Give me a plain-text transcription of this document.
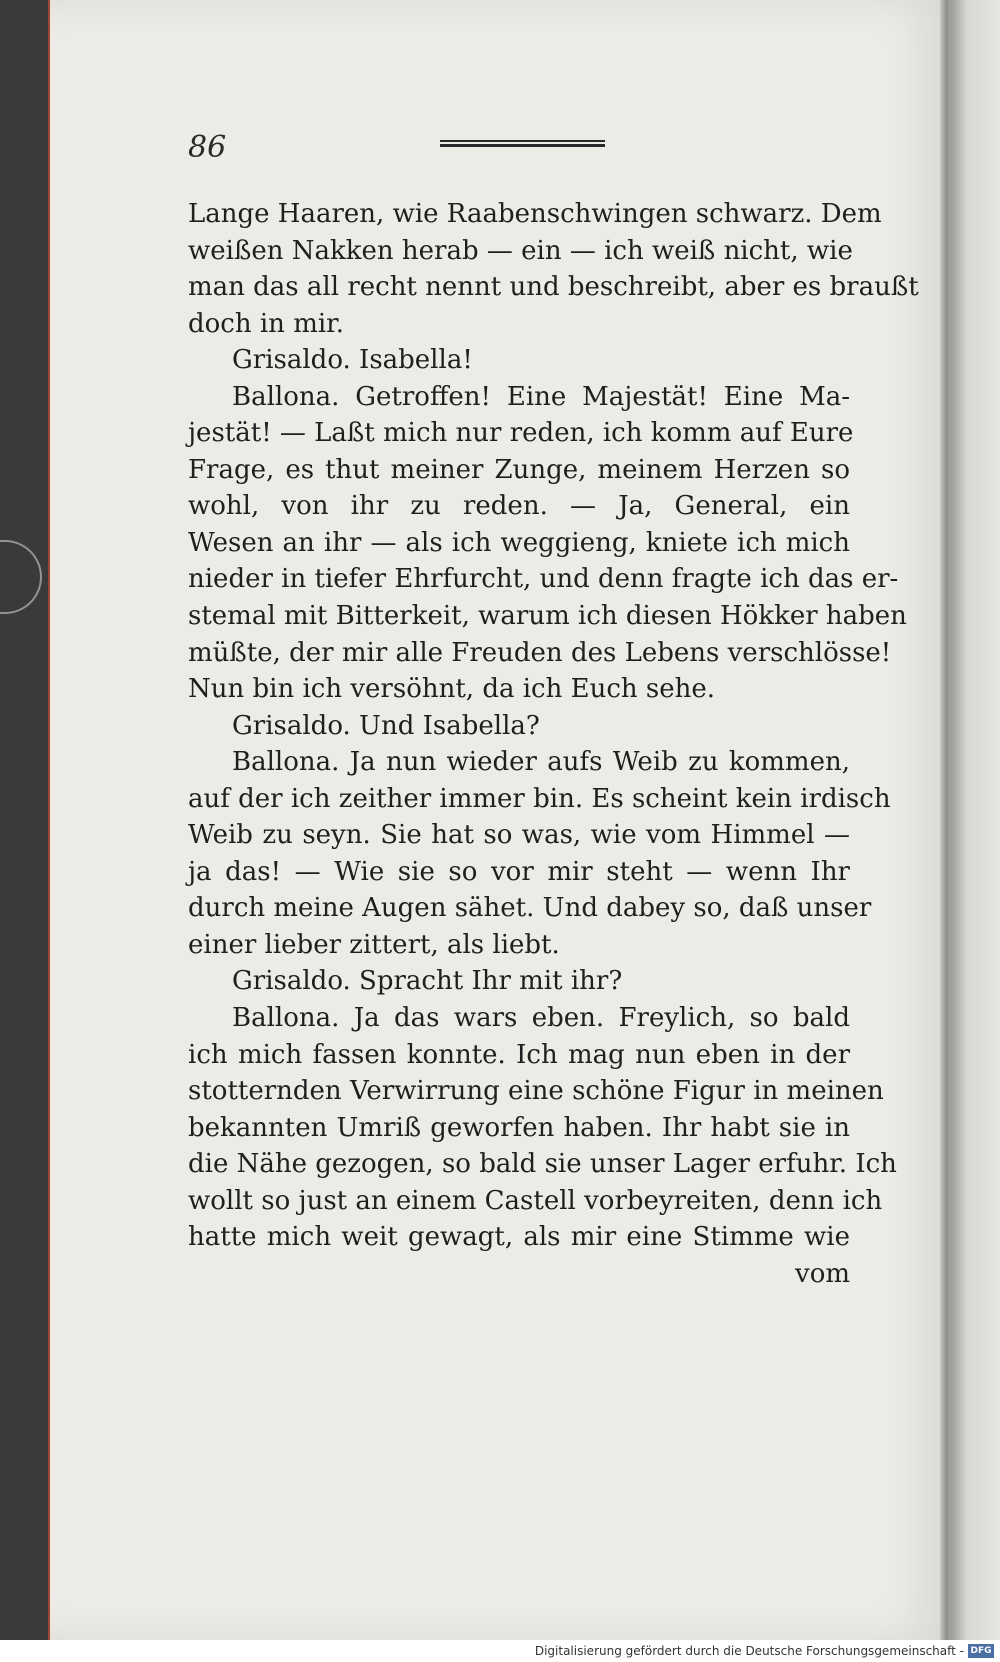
86
Lange Haaren, wie Raabenschwingen schwarz. Dem
weißen Nakken herab — ein — ich weiß nicht, wie
man das all recht nennt und beschreibt, aber es braußt
doch in mir.
Grisaldo. Isabella!
Ballona. Getroffen! Eine Majestät! Eine Ma-
jestät! — Laßt mich nur reden, ich komm auf Eure
Frage, es thut meiner Zunge, meinem Herzen so
wohl, von ihr zu reden. — Ja, General, ein
Wesen an ihr — als ich weggieng, kniete ich mich
nieder in tiefer Ehrfurcht, und denn fragte ich das er-
stemal mit Bitterkeit, warum ich diesen Hökker haben
müßte, der mir alle Freuden des Lebens verschlösse!
Nun bin ich versöhnt, da ich Euch sehe.
Grisaldo. Und Isabella?
Ballona. Ja nun wieder aufs Weib zu kommen,
auf der ich zeither immer bin. Es scheint kein irdisch
Weib zu seyn. Sie hat so was, wie vom Himmel —
ja das! — Wie sie so vor mir steht — wenn Ihr
durch meine Augen sähet. Und dabey so, daß unser
einer lieber zittert, als liebt.
Grisaldo. Spracht Ihr mit ihr?
Ballona. Ja das wars eben. Freylich, so bald
ich mich fassen konnte. Ich mag nun eben in der
stotternden Verwirrung eine schöne Figur in meinen
bekannten Umriß geworfen haben. Ihr habt sie in
die Nähe gezogen, so bald sie unser Lager erfuhr. Ich
wollt so just an einem Castell vorbeyreiten, denn ich
hatte mich weit gewagt, als mir eine Stimme wie
vom
Digitalisierung gefördert durch die Deutsche Forschungsgemeinschaft - DFG
